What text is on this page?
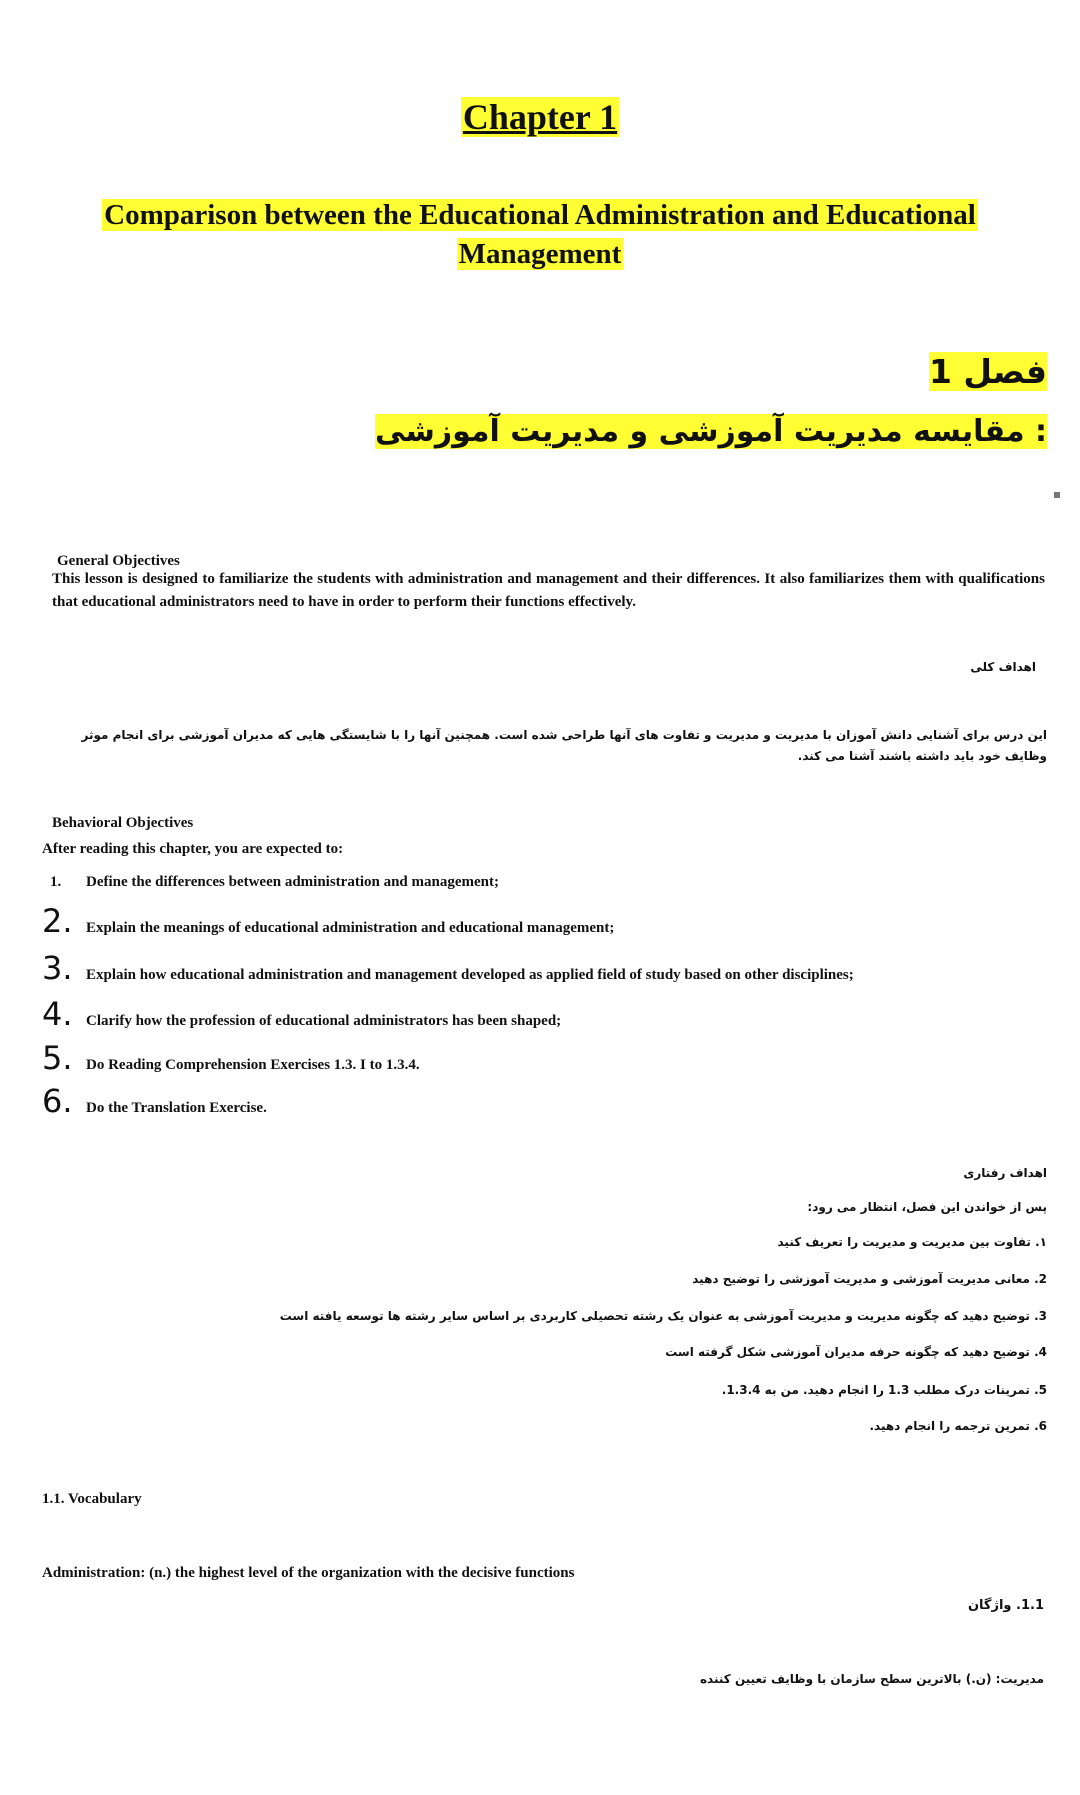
Chapter 1
Comparison between the Educational Administration and Educational
Management
فصل 1
: مقایسه مدیریت آموزشی و مدیریت آموزشی
General Objectives
This lesson is designed to familiarize the students with administration and management and their differences. It also familiarizes them with qualifications that educational administrators need to have in order to perform their functions effectively.
اهداف کلی
این درس برای آشنایی دانش آموزان با مدیریت و مدیریت و تفاوت های آنها طراحی شده است. همچنین آنها را با شایستگی هایی که مدیران آموزشی برای انجام موثر وظایف خود باید داشته باشند آشنا می کند.
Behavioral Objectives
After reading this chapter, you are expected to:
1.	Define the differences between administration and management;
2. Explain the meanings of educational administration and educational management;
3. Explain how educational administration and management developed as applied field of study based on other disciplines;
4. Clarify how the profession of educational administrators has been shaped;
5. Do Reading Comprehension Exercises 1.3. I to 1.3.4.
6. Do the Translation Exercise.
اهداف رفتاری
پس از خواندن این فصل، انتظار می رود:
۱. تفاوت بین مدیریت و مدیریت را تعریف کنید
2. معانی مدیریت آموزشی و مدیریت آموزشی را توضیح دهید
3. توضیح دهید که چگونه مدیریت و مدیریت آموزشی به عنوان یک رشته تحصیلی کاربردی بر اساس سایر رشته ها توسعه یافته است
4. توضیح دهید که چگونه حرفه مدیران آموزشی شکل گرفته است
5. تمرینات درک مطلب 1.3 را انجام دهید. من به 1.3.4.
6. تمرین ترجمه را انجام دهید.
1.1. Vocabulary
Administration: (n.) the highest level of the organization with the decisive functions
1.1. واژگان
مدیریت: (ن.) بالاترین سطح سازمان با وظایف تعیین کننده
